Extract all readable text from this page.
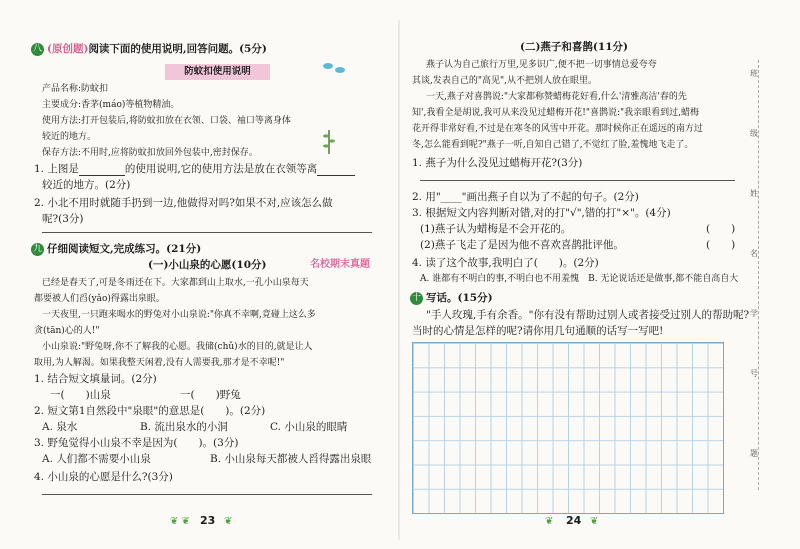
八 (原创题)阅读下面的使用说明,回答问题。(5分)
防蚊扣使用说明
产品名称:防蚊扣
主要成分:香茅(máo)等植物精油。
使用方法:打开包装后,将防蚊扣放在衣领、口袋、袖口等离身体
较近的地方。
保存方法:不用时,应将防蚊扣放回外包装中,密封保存。
1. 上图是	的使用说明,它的使用方法是放在衣领等离
较近的地方。(2分)
2. 小北不用时就随手扔到一边,他做得对吗?如果不对,应该怎么做
呢?(3分)
九 仔细阅读短文,完成练习。(21分)
(一)小山泉的心愿(10分)	名校期末真题
已经是春天了,可是冬雨还在下。大家都到山上取水,一孔小山泉每天
都要被人们舀(yǎo)得露出泉眼。
一天夜里,一只跑来喝水的野兔对小山泉说:"你真不幸啊,竟碰上这么多
贪(tān)心的人!"
小山泉说:"野兔呀,你不了解我的心愿。我储(chǔ)水的目的,就是让人
取用,为人解渴。如果我整天闲着,没有人需要我,那才是不幸呢!"
1. 结合短文填量词。(2分)
一(　　)山泉	一(　　)野兔
2. 短文第1自然段中"泉眼"的意思是(　　)。(2分)
A. 泉水	B. 流出泉水的小洞	C. 小山泉的眼睛
3. 野兔觉得小山泉不幸是因为(　　)。(3分)
A. 人们都不需要小山泉	B. 小山泉每天都被人舀得露出泉眼
4. 小山泉的心愿是什么?(3分)
❦ ❦ 23 ❦
(二)燕子和喜鹊(11分)
燕子认为自己旅行万里,见多识广,便不把一切事情总爱夸夸
其谈,发表自己的"高见",从不把别人放在眼里。
一天,燕子对喜鹊说:"大家都称赞蜡梅花好看,什么'清雅高洁'春的先
知',我看全是胡说,我可从来没见过蜡梅开花!"喜鹊说:"我亲眼看到过,蜡梅
花开得非常好看,不过是在寒冬的风雪中开花。那时候你正在遥远的南方过
冬,怎么能看到呢?"燕子一听,自知自己错了,不觉红了脸,羞愧地飞走了。
1. 燕子为什么没见过蜡梅开花?(3分)
2. 用"____"画出燕子自以为了不起的句子。(2分)
3. 根据短文内容判断对错,对的打"√",错的打"×"。(4分)
(1)燕子认为蜡梅是不会开花的。	(　　)
(2)燕子飞走了是因为他不喜欢喜鹊批评他。	(　　)
4. 读了这个故事,我明白了(　　)。(2分)
A. 谁都有不明白的事,不明白也不用羞愧　B. 无论说话还是做事,都不能自高自大
十 写话。(15分)
"手人玫瑰,手有余香。"你有没有帮助过别人或者接受过别人的帮助呢?
当时的心情是怎样的呢?请你用几句通顺的话写一写吧!
❦ 24 ❦
班
级
姓
名
学
号
题
